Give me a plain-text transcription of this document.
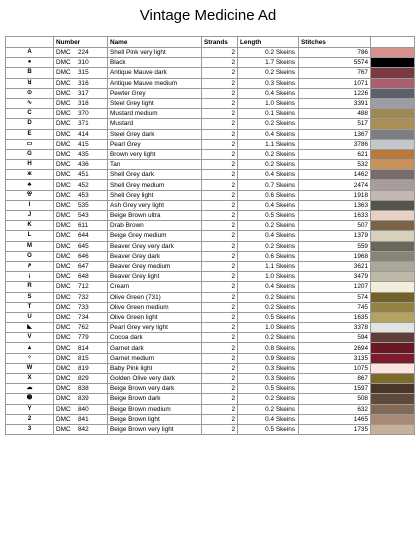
Vintage Medicine Ad
	Number	Name	Strands	Length	Stitches	
A	DMC 224	Shell Pink very light	2	0.2 Skeins	786	
●	DMC 310	Black	2	1.7 Skeins	5574	
B	DMC 315	Antique Mauve dark	2	0.2 Skeins	767	
ꓤ	DMC 316	Antique Mauve medium	2	0.3 Skeins	1071	
⊙	DMC 317	Pewter Grey	2	0.4 Skeins	1226	
∿	DMC 318	Steel Grey light	2	1.0 Skeins	3391	
C	DMC 370	Mustard medium	2	0.1 Skeins	488	
D	DMC 371	Mustard	2	0.2 Skeins	517	
E	DMC 414	Steel Grey dark	2	0.4 Skeins	1367	
▭	DMC 415	Pearl Grey	2	1.1 Skeins	3786	
G	DMC 435	Brown very light	2	0.2 Skeins	621	
H	DMC 436	Tan	2	0.2 Skeins	532	
ж	DMC 451	Shell Grey dark	2	0.4 Skeins	1462	
♣	DMC 452	Shell Grey medium	2	0.7 Skeins	2474	
ꕢ	DMC 453	Shell Grey light	2	0.6 Skeins	1918	
I	DMC 535	Ash Grey very light	2	0.4 Skeins	1363	
J	DMC 543	Beige Brown ultra	2	0.5 Skeins	1633	
K	DMC 611	Drab Brown	2	0.2 Skeins	507	
L	DMC 644	Beige Grey medium	2	0.4 Skeins	1379	
M	DMC 645	Beaver Grey very dark	2	0.2 Skeins	559	
O	DMC 646	Beaver Grey dark	2	0.6 Skeins	1968	
ዖ	DMC 647	Beaver Grey medium	2	1.1 Skeins	3621	
¡	DMC 648	Beaver Grey light	2	1.0 Skeins	3479	
R	DMC 712	Cream	2	0.4 Skeins	1207	
S	DMC 732	Olive Green (731)	2	0.2 Skeins	574	
T	DMC 733	Olive Green medium	2	0.2 Skeins	745	
U	DMC 734	Olive Green light	2	0.5 Skeins	1635	
◣	DMC 762	Pearl Grey very light	2	1.0 Skeins	3378	
V	DMC 779	Cocoa dark	2	0.2 Skeins	594	
▴	DMC 814	Garnet dark	2	0.8 Skeins	2694	
⁘	DMC 815	Garnet medium	2	0.9 Skeins	3135	
W	DMC 819	Baby Pink light	2	0.3 Skeins	1075	
X	DMC 829	Golden Olive very dark	2	0.3 Skeins	867	
☁	DMC 838	Beige Brown very dark	2	0.5 Skeins	1597	
➋	DMC 839	Beige Brown dark	2	0.2 Skeins	508	
Y	DMC 840	Beige Brown medium	2	0.2 Skeins	632	
2	DMC 841	Beige Brown light	2	0.4 Skeins	1465	
3	DMC 842	Beige Brown very light	2	0.5 Skeins	1735	
